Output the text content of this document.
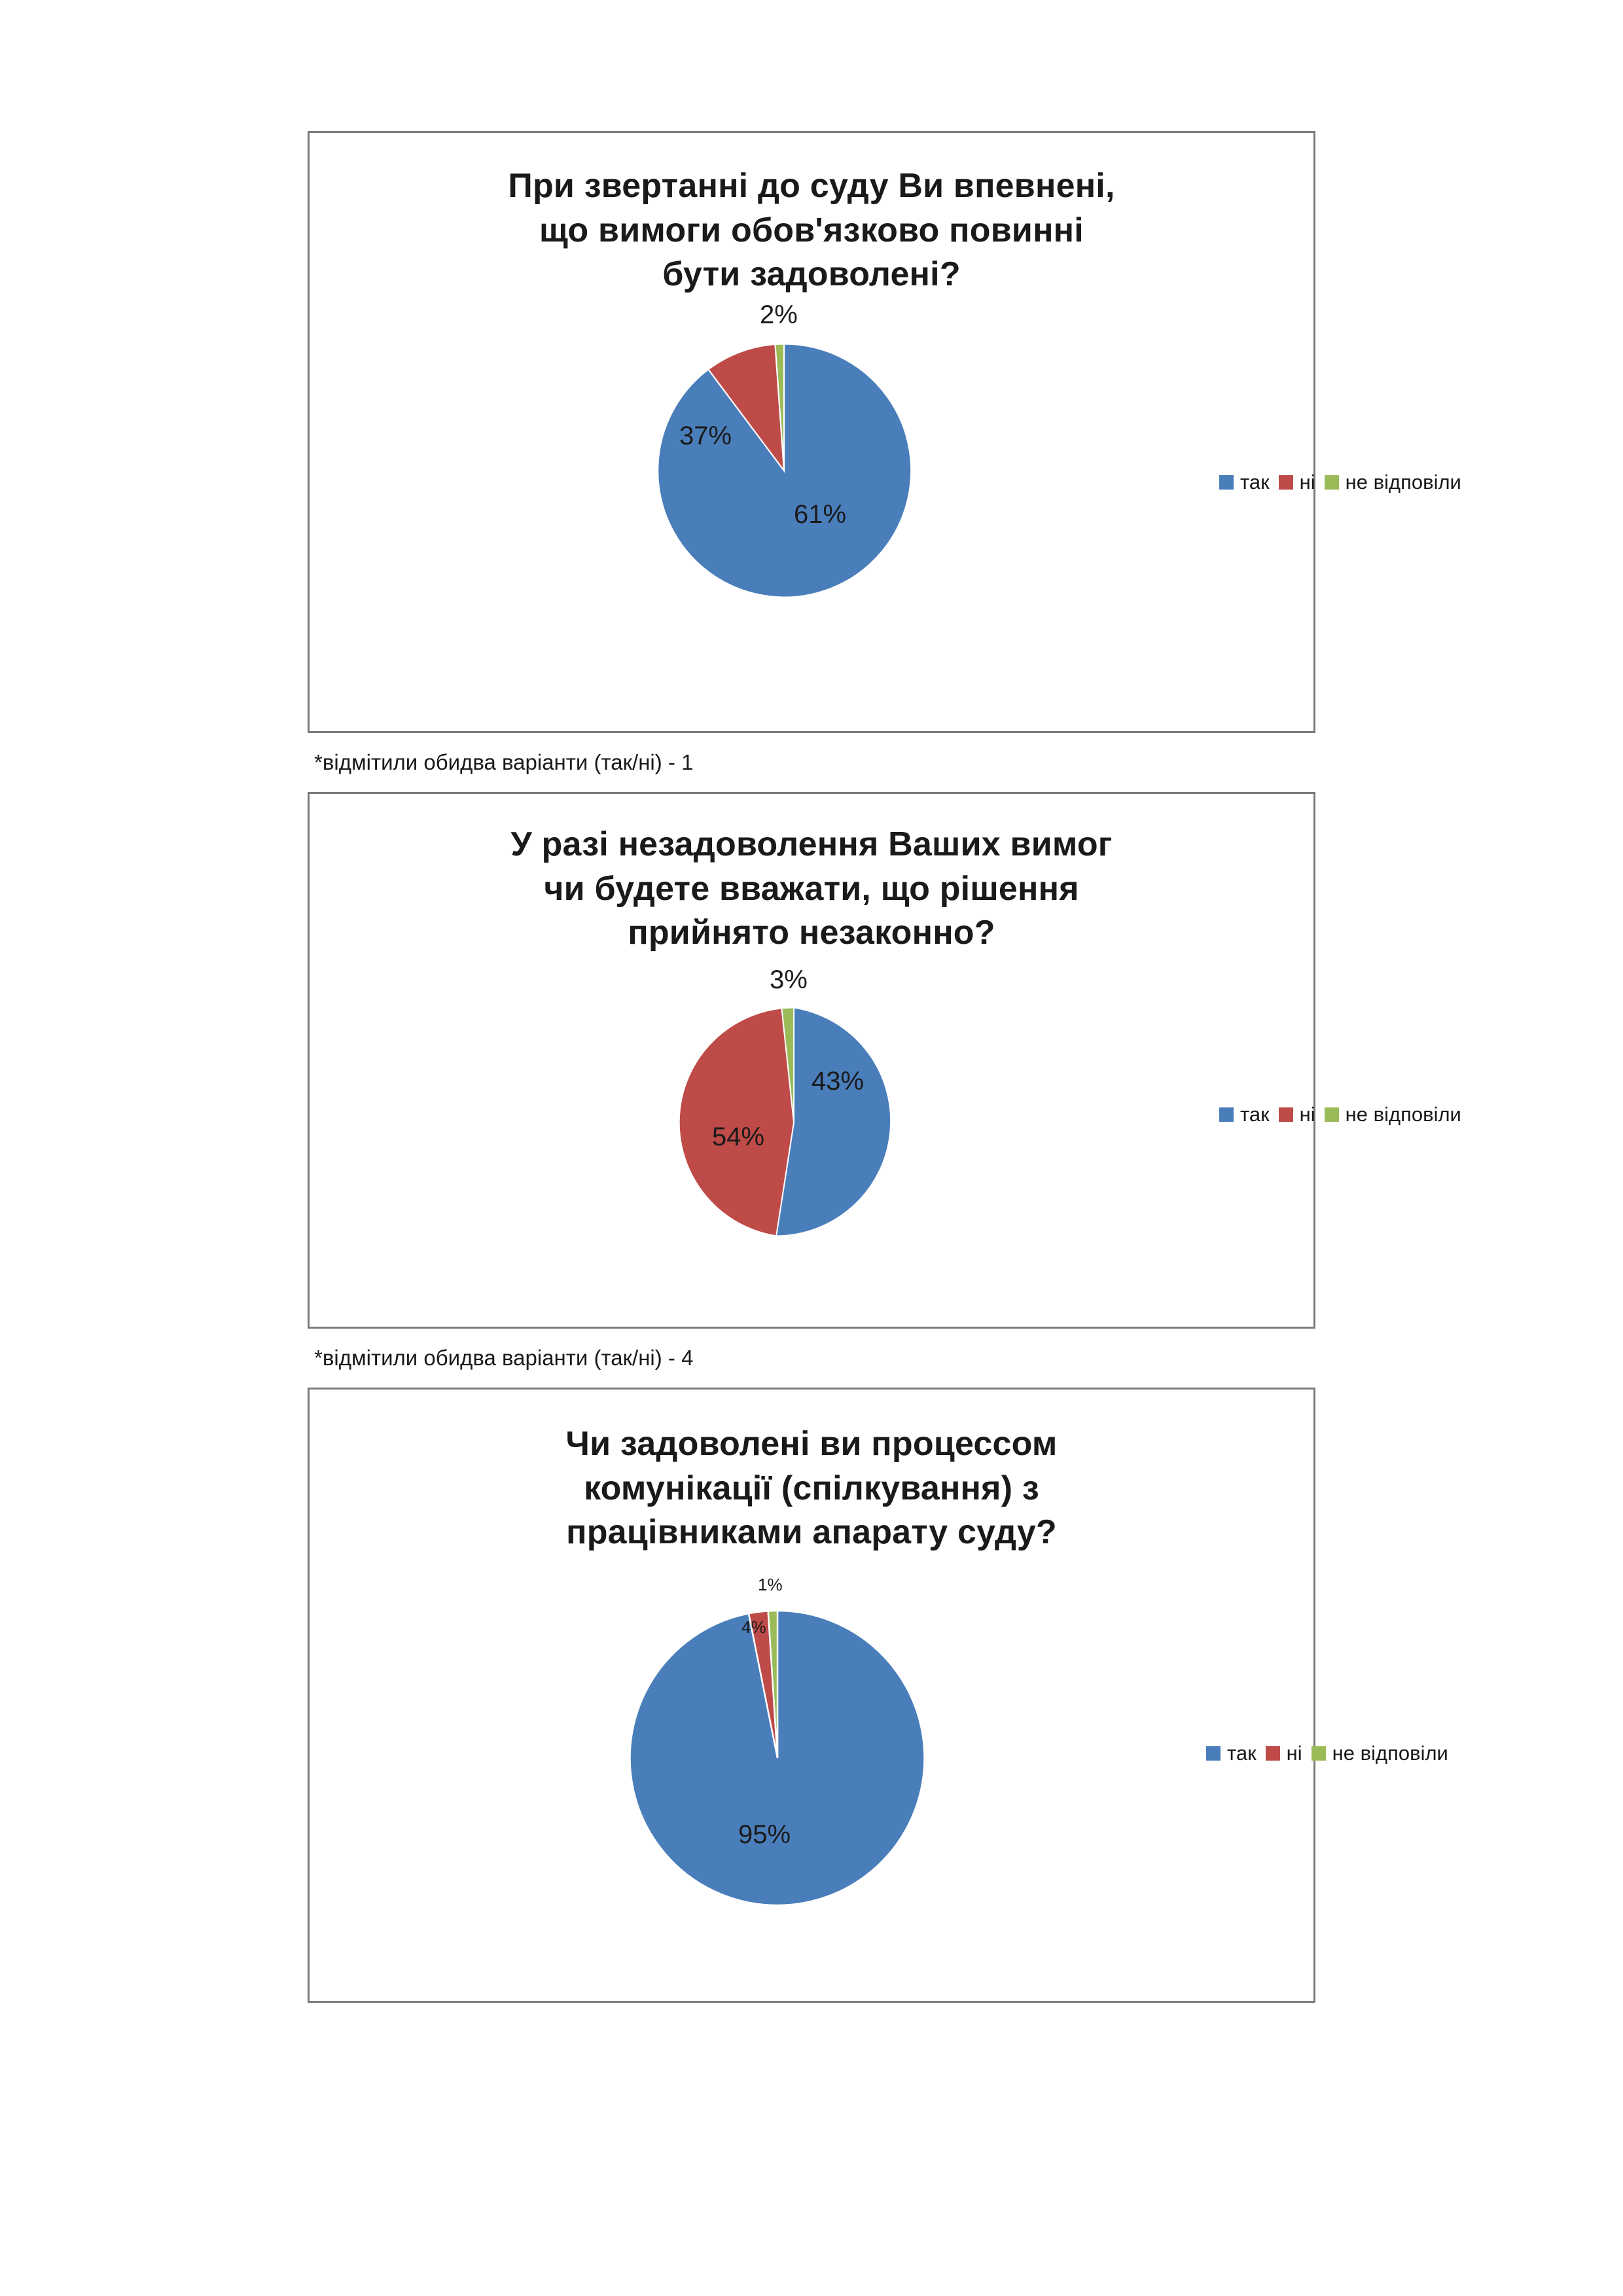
При звертанні до суду Ви впевнені,
що вимоги обов'язково повинні
бути задоволені?
61%
37%
2%
так ні не відповіли
*відмітили обидва варіанти (так/ні) - 1
У разі незадоволення Ваших вимог
чи будете вважати, що рішення
прийнято незаконно?
43%
54%
3%
так ні не відповіли
*відмітили обидва варіанти (так/ні) - 4
Чи задоволені ви процессом
комунікації (спілкування) з
працівниками апарату суду?
95%
4%
1%
так ні не відповіли
